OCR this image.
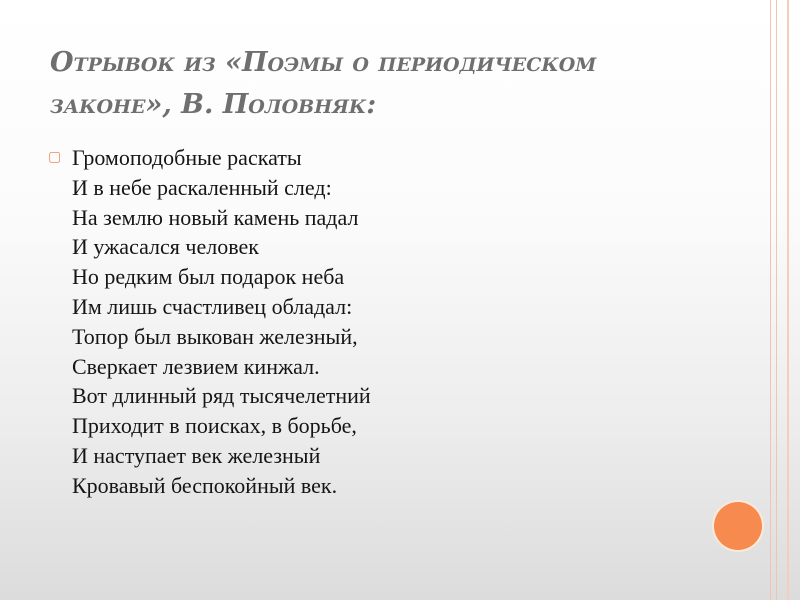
Отрывок из «Поэмы о периодическом законе», В. Половняк:
▢ Громоподобные раскаты
И в небе раскаленный след:
На землю новый камень падал
И ужасался человек
Но редким был подарок неба
Им лишь счастливец обладал:
Топор был выкован железный,
Сверкает лезвием кинжал.
Вот длинный ряд тысячелетний
Приходит в поисках, в борьбе,
И наступает век железный
Кровавый беспокойный век.
